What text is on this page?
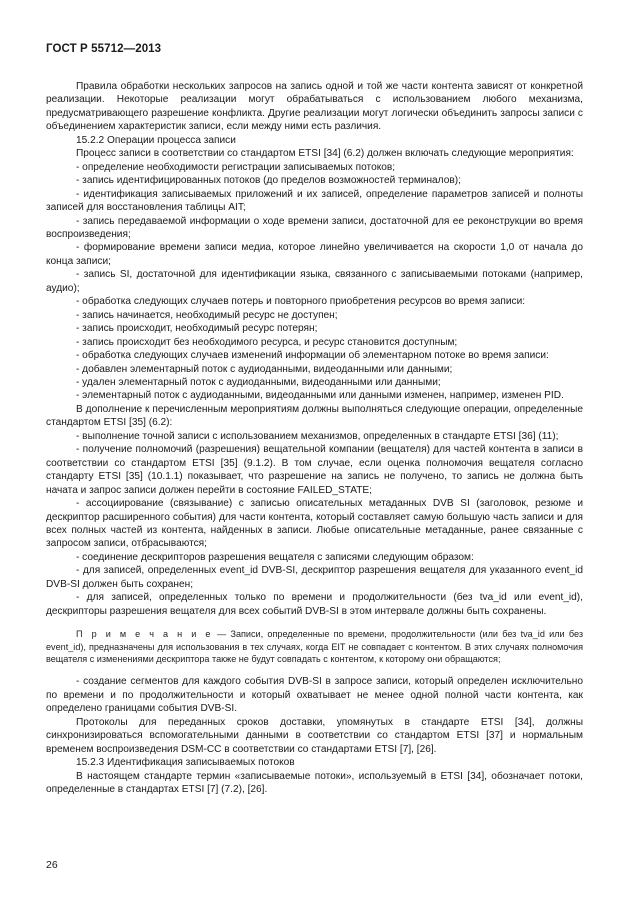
ГОСТ Р 55712—2013

Правила обработки нескольких запросов на запись одной и той же части контента зависят от конкретной реализации. Некоторые реализации могут обрабатываться с использованием любого механизма, предусматривающего разрешение конфликта. Другие реализации могут логически объединить запросы записи с объединением характеристик записи, если между ними есть различия.

15.2.2 Операции процесса записи

Процесс записи в соответствии со стандартом ETSI [34] (6.2) должен включать следующие мероприятия:

- определение необходимости регистрации записываемых потоков;

- запись идентифицированных потоков (до пределов возможностей терминалов);

- идентификация записываемых приложений и их записей, определение параметров записей и полноты записей для восстановления таблицы AIT;

- запись передаваемой информации о ходе времени записи, достаточной для ее реконструкции во время воспроизведения;

- формирование времени записи медиа, которое линейно увеличивается на скорости 1,0 от начала до конца записи;

- запись SI, достаточной для идентификации языка, связанного с записываемыми потоками (например, аудио);

- обработка следующих случаев потерь и повторного приобретения ресурсов во время записи:

- запись начинается, необходимый ресурс не доступен;

- запись происходит, необходимый ресурс потерян;

- запись происходит без необходимого ресурса, и ресурс становится доступным;

- обработка следующих случаев изменений информации об элементарном потоке во время записи:

- добавлен элементарный поток с аудиоданными, видеоданными или данными;

- удален элементарный поток с аудиоданными, видеоданными или данными;

- элементарный поток с аудиоданными, видеоданными или данными изменен, например, изменен PID.

В дополнение к перечисленным мероприятиям должны выполняться следующие операции, определенные стандартом ETSI [35] (6.2):

- выполнение точной записи с использованием механизмов, определенных в стандарте ETSI [36] (11);

- получение полномочий (разрешения) вещательной компании (вещателя) для частей контента в записи в соответствии со стандартом ETSI [35] (9.1.2). В том случае, если оценка полномочия вещателя согласно стандарту ETSI [35] (10.1.1) показывает, что разрешение на запись не получено, то запись не должна быть начата и запрос записи должен перейти в состояние FAILED_STATE;

- ассоциирование (связывание) с записью описательных метаданных DVB SI (заголовок, резюме и дескриптор расширенного события) для части контента, который составляет самую большую часть записи и для всех полных частей из контента, найденных в записи. Любые описательные метаданные, ранее связанные с запросом записи, отбрасываются;

- соединение дескрипторов разрешения вещателя с записями следующим образом:

- для записей, определенных event_id DVB-SI, дескриптор разрешения вещателя для указанного event_id DVB-SI должен быть сохранен;

- для записей, определенных только по времени и продолжительности (без tva_id или event_id), дескрипторы разрешения вещателя для всех событий DVB-SI в этом интервале должны быть сохранены.

П р и м е ч а н и е — Записи, определенные по времени, продолжительности (или без tva_id или без event_id), предназначены для использования в тех случаях, когда EIT не совпадает с контентом. В этих случаях полномочия вещателя с изменениями дескриптора также не будут совпадать с контентом, к которому они обращаются;

- создание сегментов для каждого события DVB-SI в запросе записи, который определен исключительно по времени и по продолжительности и который охватывает не менее одной полной части контента, как определено границами события DVB-SI.

Протоколы для переданных сроков доставки, упомянутых в стандарте ETSI [34], должны синхронизироваться вспомогательными данными в соответствии со стандартом ETSI [37] и нормальным временем воспроизведения DSM-CC в соответствии со стандартами ETSI [7], [26].

15.2.3 Идентификация записываемых потоков

В настоящем стандарте термин «записываемые потоки», используемый в ETSI [34], обозначает потоки, определенные в стандартах ETSI [7] (7.2), [26].

26
